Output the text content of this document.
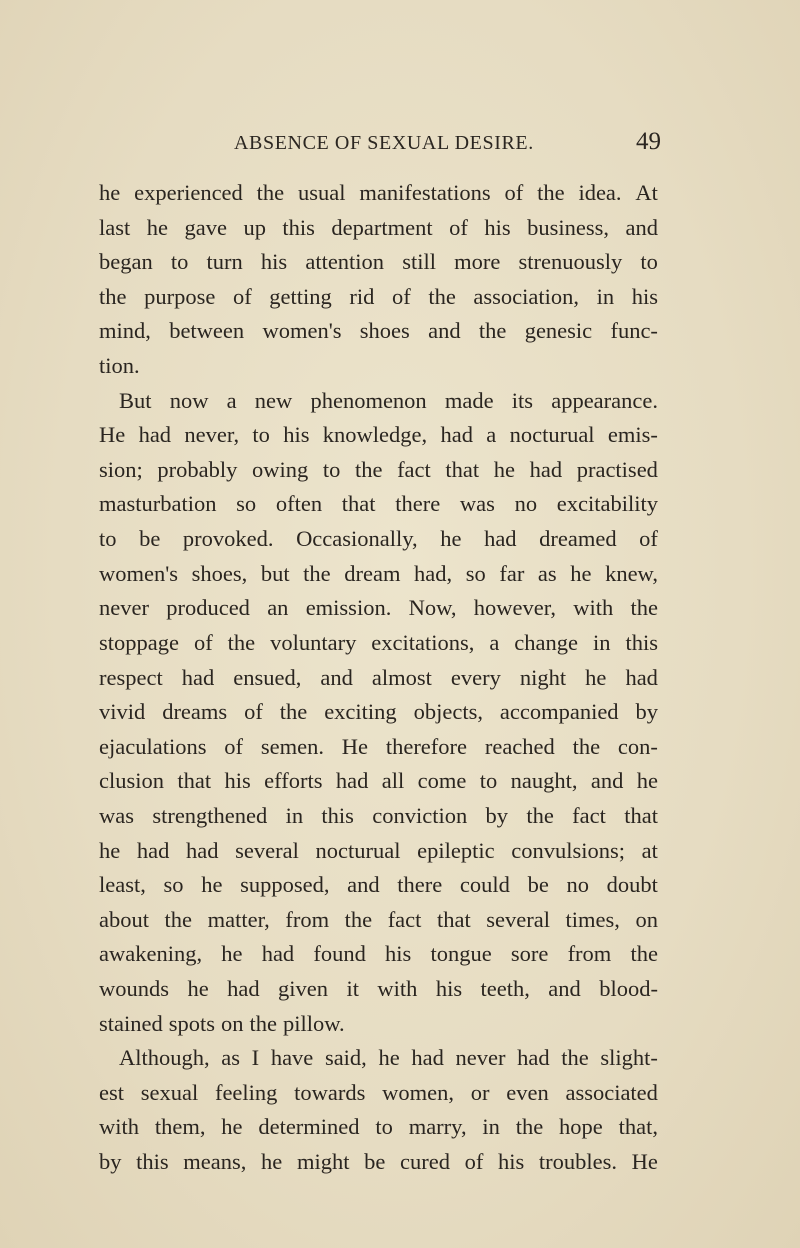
ABSENCE OF SEXUAL DESIRE.	49
he experienced the usual manifestations of the idea. At
last he gave up this department of his business, and
began to turn his attention still more strenuously to
the purpose of getting rid of the association, in his
mind, between women's shoes and the genesic func-
tion.
But now a new phenomenon made its appearance.
He had never, to his knowledge, had a nocturual emis-
sion; probably owing to the fact that he had practised
masturbation so often that there was no excitability
to be provoked. Occasionally, he had dreamed of
women's shoes, but the dream had, so far as he knew,
never produced an emission. Now, however, with the
stoppage of the voluntary excitations, a change in this
respect had ensued, and almost every night he had
vivid dreams of the exciting objects, accompanied by
ejaculations of semen. He therefore reached the con-
clusion that his efforts had all come to naught, and he
was strengthened in this conviction by the fact that
he had had several nocturual epileptic convulsions; at
least, so he supposed, and there could be no doubt
about the matter, from the fact that several times, on
awakening, he had found his tongue sore from the
wounds he had given it with his teeth, and blood-
stained spots on the pillow.
Although, as I have said, he had never had the slight-
est sexual feeling towards women, or even associated
with them, he determined to marry, in the hope that,
by this means, he might be cured of his troubles. He
